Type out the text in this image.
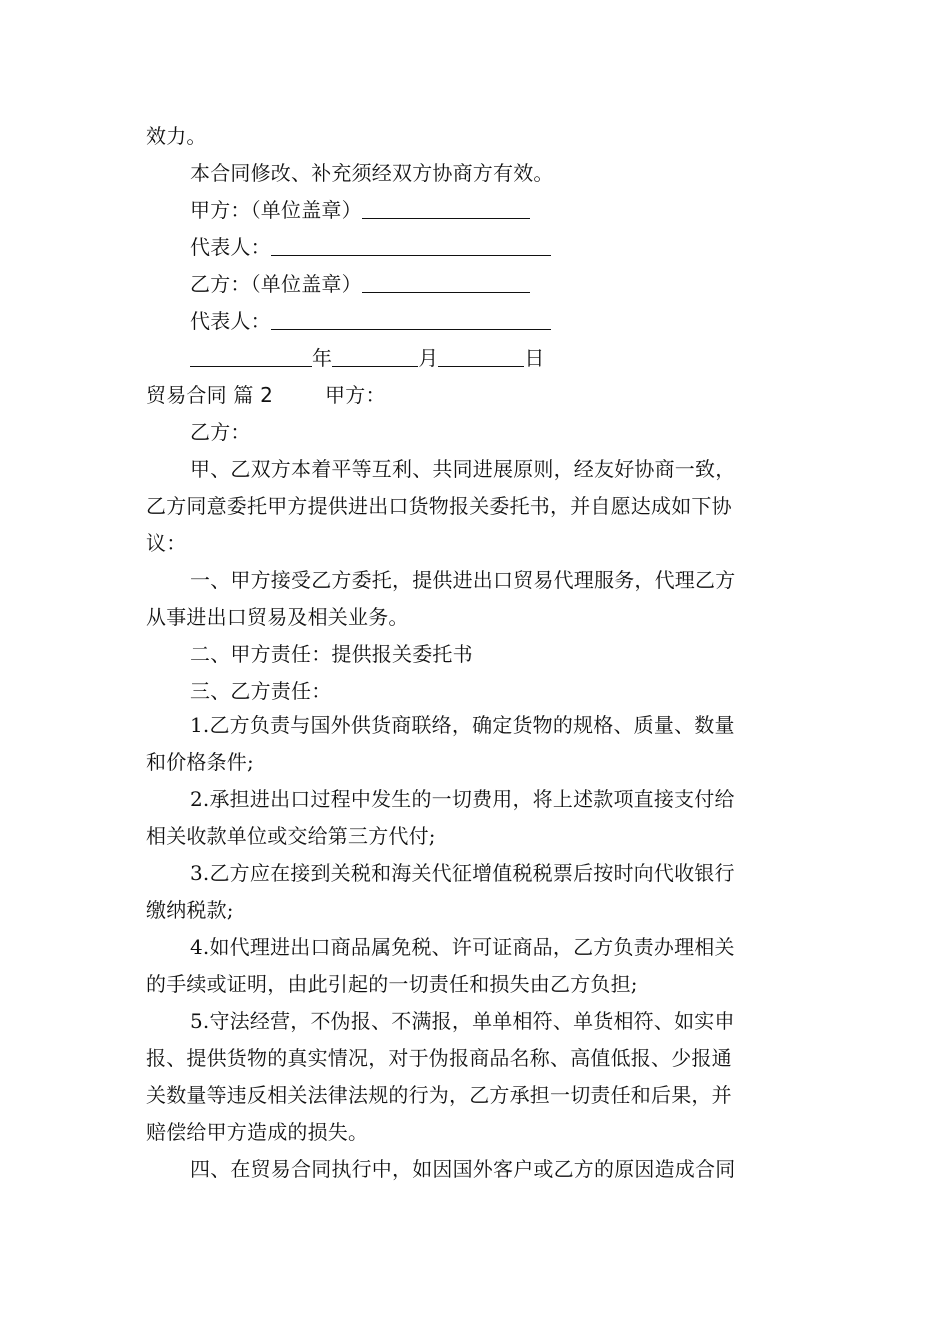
效力。
本合同修改、补充须经双方协商方有效。
甲方：（单位盖章）
代表人：
乙方：（单位盖章）
代表人：
年	月	日
贸易合同 篇 2	甲方：
乙方：
甲、乙双方本着平等互利、共同进展原则，经友好协商一致，
乙方同意委托甲方提供进出口货物报关委托书，并自愿达成如下协
议：
一、甲方接受乙方委托，提供进出口贸易代理服务，代理乙方
从事进出口贸易及相关业务。
二、甲方责任：提供报关委托书
三、乙方责任：
1.乙方负责与国外供货商联络，确定货物的规格、质量、数量
和价格条件;
2.承担进出口过程中发生的一切费用，将上述款项直接支付给
相关收款单位或交给第三方代付;
3.乙方应在接到关税和海关代征增值税税票后按时向代收银行
缴纳税款;
4.如代理进出口商品属免税、许可证商品，乙方负责办理相关
的手续或证明，由此引起的一切责任和损失由乙方负担;
5.守法经营，不伪报、不满报，单单相符、单货相符、如实申
报、提供货物的真实情况，对于伪报商品名称、高值低报、少报通
关数量等违反相关法律法规的行为，乙方承担一切责任和后果，并
赔偿给甲方造成的损失。
四、在贸易合同执行中，如因国外客户或乙方的原因造成合同
